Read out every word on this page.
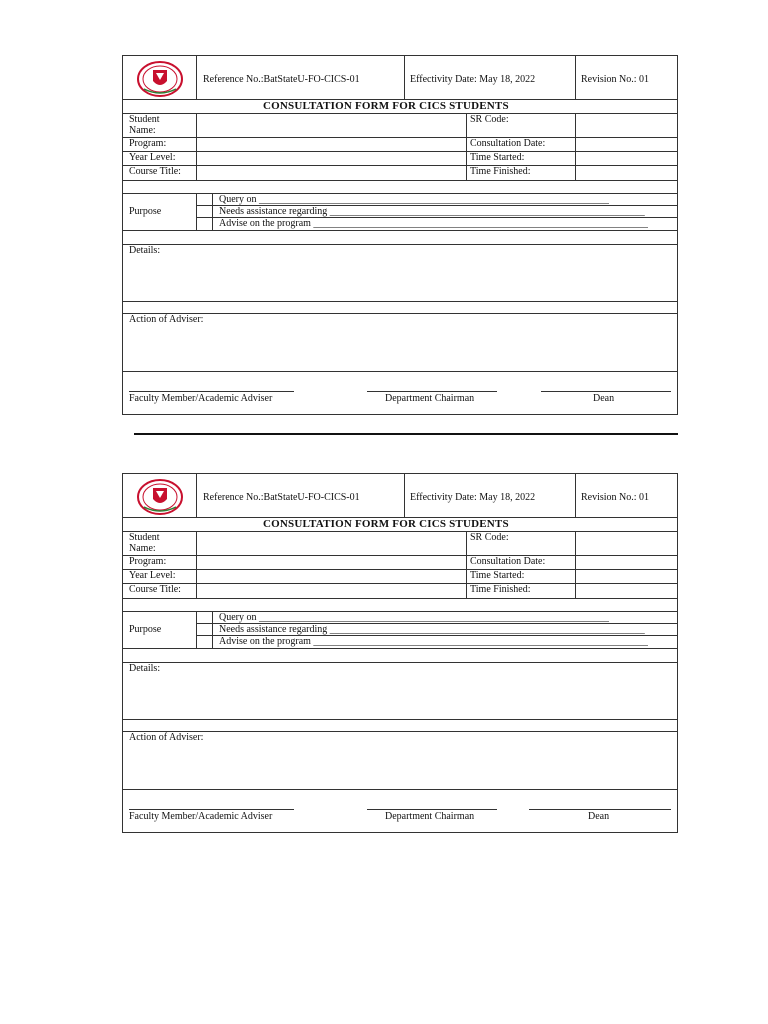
Reference No.:BatStateU-FO-CICS-01	Effectivity Date: May 18, 2022	Revision No.: 01
CONSULTATION FORM FOR CICS STUDENTS
Student
Name:
SR Code:
Program:	Consultation Date:
Year Level:	Time Started:
Course Title:	Time Finished:
Purpose
Query on ______________________________________________________________________
Needs assistance regarding _______________________________________________________________
Advise on the program ___________________________________________________________________
Details:
Action of Adviser:
Faculty Member/Academic Adviser	Department Chairman	Dean
Reference No.:BatStateU-FO-CICS-01	Effectivity Date: May 18, 2022	Revision No.: 01
CONSULTATION FORM FOR CICS STUDENTS
Student
Name:
SR Code:
Program:	Consultation Date:
Year Level:	Time Started:
Course Title:	Time Finished:
Purpose
Query on ______________________________________________________________________
Needs assistance regarding _______________________________________________________________
Advise on the program ___________________________________________________________________
Details:
Action of Adviser:
Faculty Member/Academic Adviser	Department Chairman	Dean
